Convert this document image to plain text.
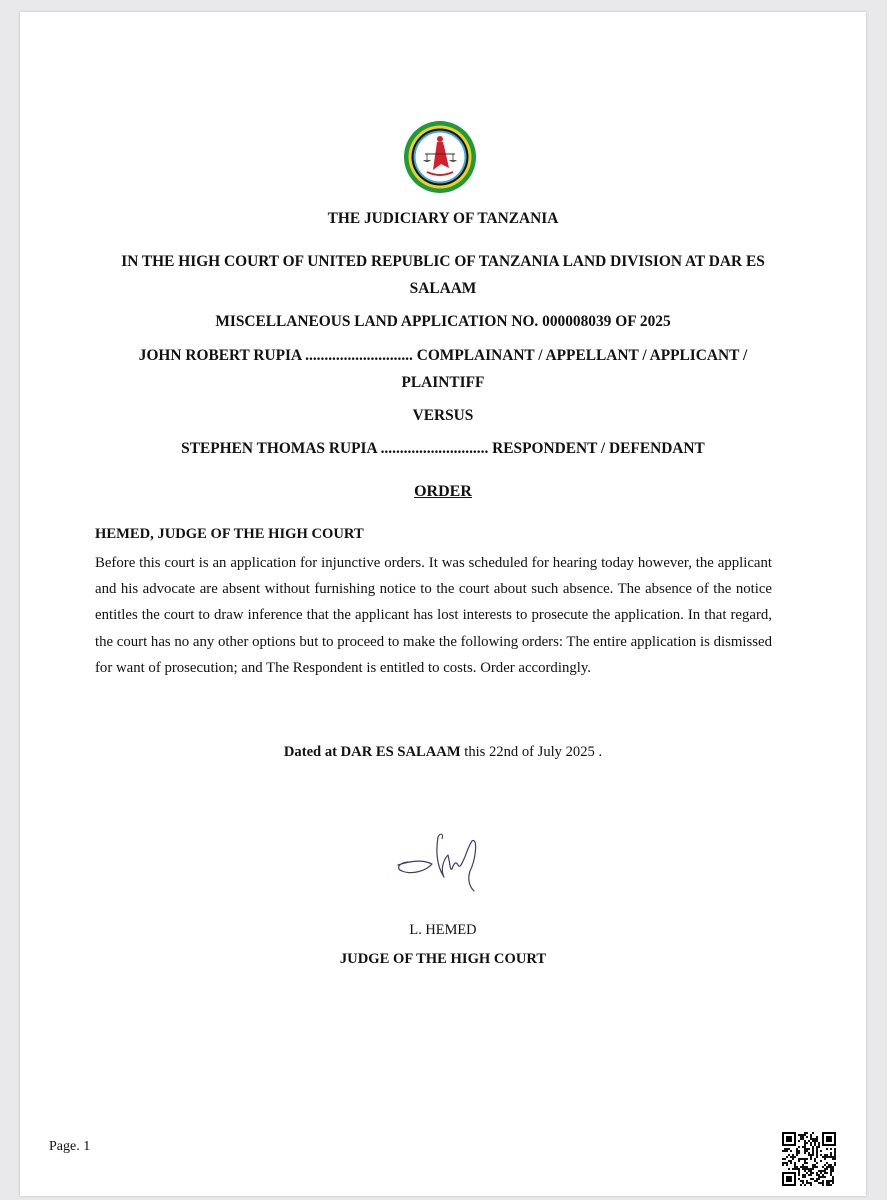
THE JUDICIARY OF TANZANIA
IN THE HIGH COURT OF UNITED REPUBLIC OF TANZANIA LAND DIVISION AT DAR ES SALAAM
MISCELLANEOUS LAND APPLICATION NO. 000008039 OF 2025
JOHN ROBERT RUPIA ............................ COMPLAINANT / APPELLANT / APPLICANT / PLAINTIFF
VERSUS
STEPHEN THOMAS RUPIA ............................ RESPONDENT / DEFENDANT
ORDER
HEMED, JUDGE OF THE HIGH COURT
Before this court is an application for injunctive orders. It was scheduled for hearing today however, the applicant and his advocate are absent without furnishing notice to the court about such absence. The absence of the notice entitles the court to draw inference that the applicant has lost interests to prosecute the application. In that regard, the court has no any other options but to proceed to make the following orders: The entire application is dismissed for want of prosecution; and The Respondent is entitled to costs. Order accordingly.
Dated at DAR ES SALAAM this 22nd of July 2025 .
L. HEMED
JUDGE OF THE HIGH COURT
Page. 1
